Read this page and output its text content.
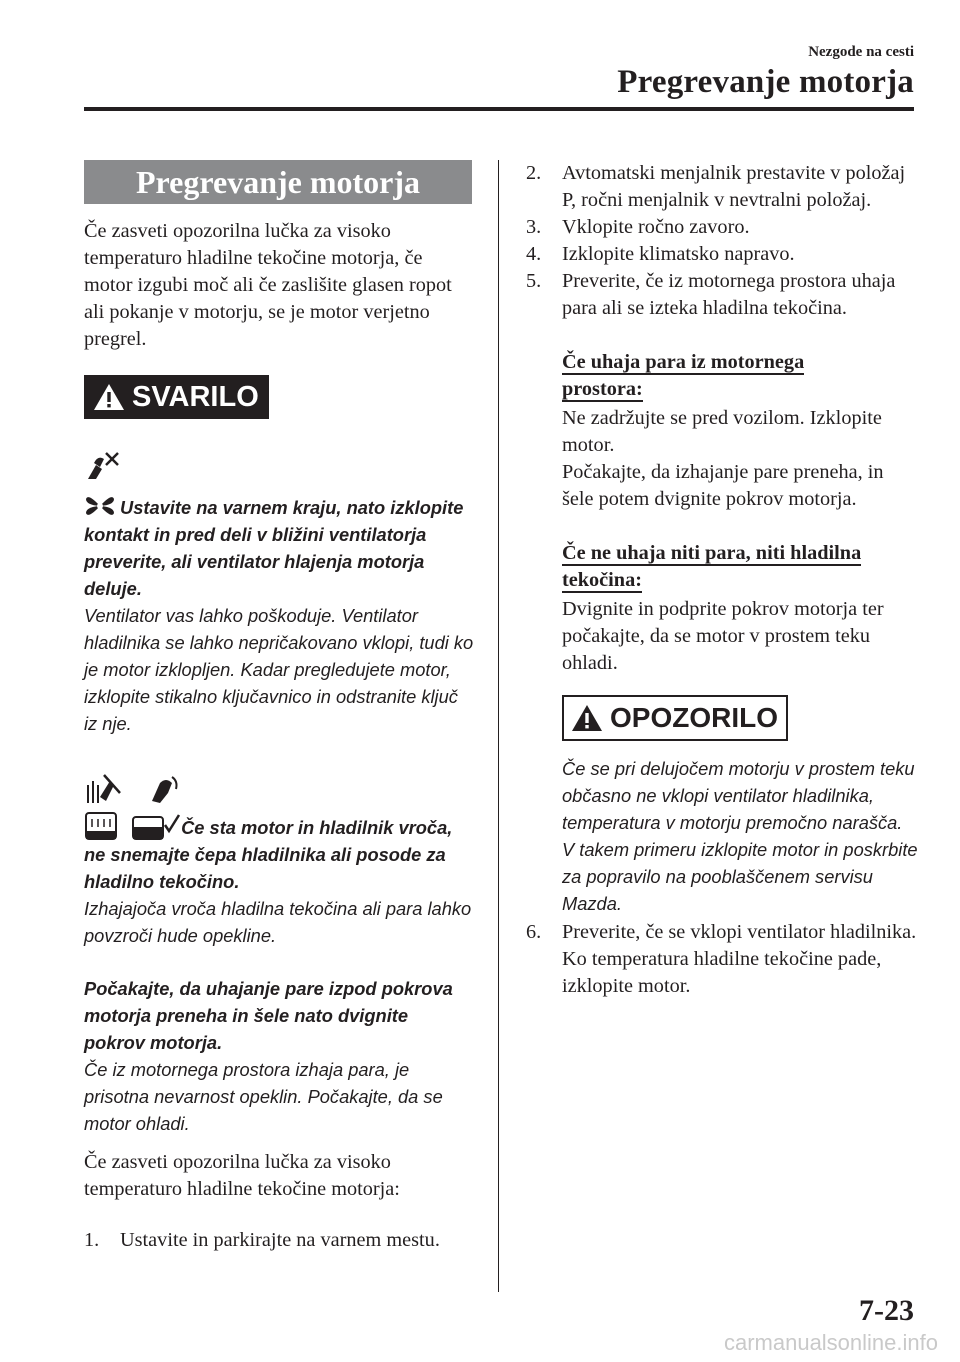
Nezgode na cesti
Pregrevanje motorja
Pregrevanje motorja

Če zasveti opozorilna lučka za visoko temperaturo hladilne tekočine motorja, če motor izgubi moč ali če zaslišite glasen ropot ali pokanje v motorju, se je motor verjetno pregrel.

SVARILO

Ustavite na varnem kraju, nato izklopite kontakt in pred deli v bližini ventilatorja preverite, ali ventilator hlajenja motorja deluje.

Ventilator vas lahko poškoduje. Ventilator hladilnika se lahko nepričakovano vklopi, tudi ko je motor izklopljen. Kadar pregledujete motor, izklopite stikalno ključavnico in odstranite ključ iz nje.

Če sta motor in hladilnik vroča, ne snemajte čepa hladilnika ali posode za hladilno tekočino.

Izhajajoča vroča hladilna tekočina ali para lahko povzroči hude opekline.

Počakajte, da uhajanje pare izpod pokrova motorja preneha in šele nato dvignite pokrov motorja.

Če iz motornega prostora izhaja para, je prisotna nevarnost opeklin. Počakajte, da se motor ohladi.

Če zasveti opozorilna lučka za visoko temperaturo hladilne tekočine motorja:

1. Ustavite in parkirajte na varnem mestu.
2. Avtomatski menjalnik prestavite v položaj P, ročni menjalnik v nevtralni položaj.
3. Vklopite ročno zavoro.
4. Izklopite klimatsko napravo.
5. Preverite, če iz motornega prostora uhaja para ali se izteka hladilna tekočina.
Če uhaja para iz motornega prostora:

Ne zadržujte se pred vozilom. Izklopite motor.

Počakajte, da izhajanje pare preneha, in šele potem dvignite pokrov motorja.

Če ne uhaja niti para, niti hladilna tekočina:

Dvignite in podprite pokrov motorja ter počakajte, da se motor v prostem teku ohladi.

OPOZORILO

Če se pri delujočem motorju v prostem teku občasno ne vklopi ventilator hladilnika, temperatura v motorju premočno narašča. V takem primeru izklopite motor in poskrbite za popravilo na pooblaščenem servisu Mazda.

6. Preverite, če se vklopi ventilator hladilnika. Ko temperatura hladilne tekočine pade, izklopite motor.
7-23
carmanualsonline.info
